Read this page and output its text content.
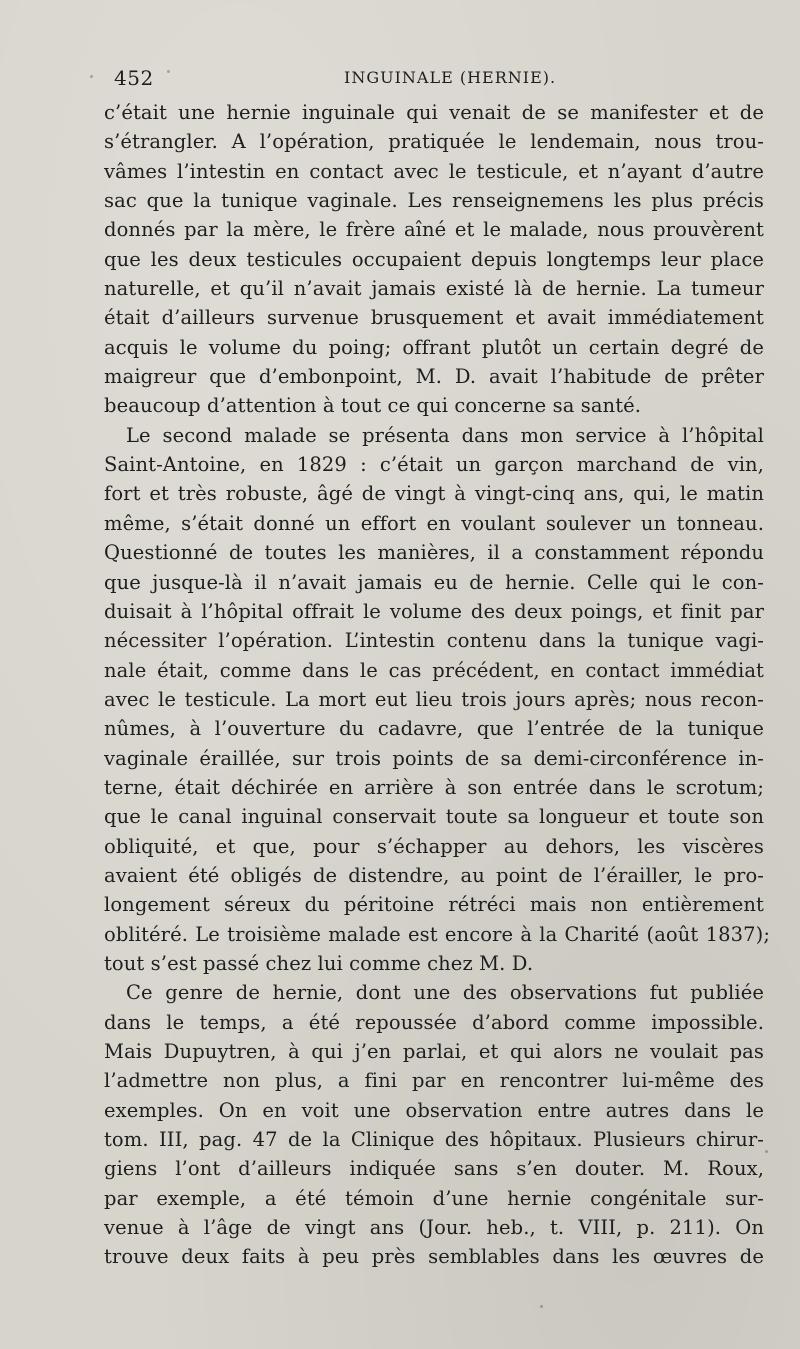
452	INGUINALE (HERNIE).
c’était une hernie inguinale qui venait de se manifester et de
s’étrangler. A l’opération, pratiquée le lendemain, nous trou-
vâmes l’intestin en contact avec le testicule, et n’ayant d’autre
sac que la tunique vaginale. Les renseignemens les plus précis
donnés par la mère, le frère aîné et le malade, nous prouvèrent
que les deux testicules occupaient depuis longtemps leur place
naturelle, et qu’il n’avait jamais existé là de hernie. La tumeur
était d’ailleurs survenue brusquement et avait immédiatement
acquis le volume du poing; offrant plutôt un certain degré de
maigreur que d’embonpoint, M. D. avait l’habitude de prêter
beaucoup d’attention à tout ce qui concerne sa santé.
Le second malade se présenta dans mon service à l’hôpital
Saint-Antoine, en 1829 : c’était un garçon marchand de vin,
fort et très robuste, âgé de vingt à vingt-cinq ans, qui, le matin
même, s’était donné un effort en voulant soulever un tonneau.
Questionné de toutes les manières, il a constamment répondu
que jusque-là il n’avait jamais eu de hernie. Celle qui le con-
duisait à l’hôpital offrait le volume des deux poings, et finit par
nécessiter l’opération. L’intestin contenu dans la tunique vagi-
nale était, comme dans le cas précédent, en contact immédiat
avec le testicule. La mort eut lieu trois jours après; nous recon-
nûmes, à l’ouverture du cadavre, que l’entrée de la tunique
vaginale éraillée, sur trois points de sa demi-circonférence in-
terne, était déchirée en arrière à son entrée dans le scrotum;
que le canal inguinal conservait toute sa longueur et toute son
obliquité, et que, pour s’échapper au dehors, les viscères
avaient été obligés de distendre, au point de l’érailler, le pro-
longement séreux du péritoine rétréci mais non entièrement
oblitéré. Le troisième malade est encore à la Charité (août 1837);
tout s’est passé chez lui comme chez M. D.
Ce genre de hernie, dont une des observations fut publiée
dans le temps, a été repoussée d’abord comme impossible.
Mais Dupuytren, à qui j’en parlai, et qui alors ne voulait pas
l’admettre non plus, a fini par en rencontrer lui-même des
exemples. On en voit une observation entre autres dans le
tom. III, pag. 47 de la Clinique des hôpitaux. Plusieurs chirur-
giens l’ont d’ailleurs indiquée sans s’en douter. M. Roux,
par exemple, a été témoin d’une hernie congénitale sur-
venue à l’âge de vingt ans (Jour. heb., t. VIII, p. 211). On
trouve deux faits à peu près semblables dans les œuvres de
